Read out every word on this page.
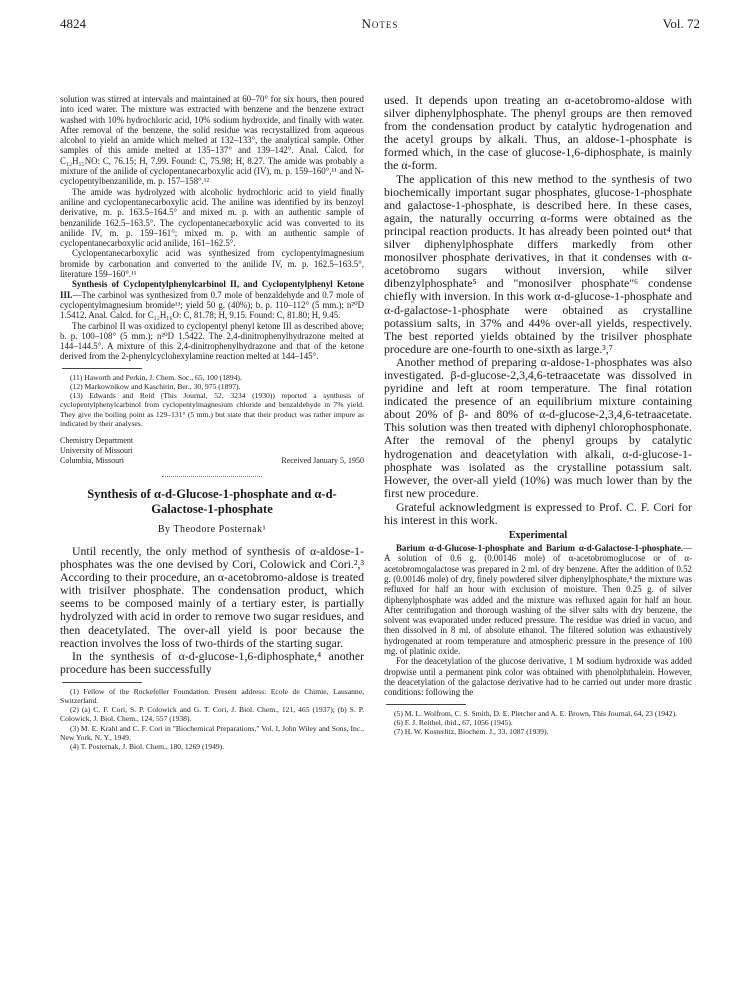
4824	Notes	Vol. 72

solution was stirred at intervals and maintained at 60–70° for six hours, then poured into iced water. The mixture was extracted with benzene and the benzene extract washed with 10% hydrochloric acid, 10% sodium hydroxide, and finally with water. After removal of the benzene, the solid residue was recrystallized from aqueous alcohol to yield an amide which melted at 132–133°, the analytical sample. Other samples of this amide melted at 135–137° and 139–142°. Anal. Calcd. for C₁₂H₁₅NO: C, 76.15; H, 7.99. Found: C, 75.98; H, 8.27. The amide was probably a mixture of the anilide of cyclopentanecarboxylic acid (IV), m. p. 159–160°,¹¹ and N-cyclopentylbenzanilide, m. p. 157–158°.¹²

The amide was hydrolyzed with alcoholic hydrochloric acid to yield finally aniline and cyclopentanecarboxylic acid. The aniline was identified by its benzoyl derivative, m. p. 163.5–164.5° and mixed m. p. with an authentic sample of benzanilide 162.5–163.5°. The cyclopentanecarboxylic acid was converted to its anilide IV, m. p. 159–161°; mixed m. p. with an authentic sample of cyclopentanecarboxylic acid anilide, 161–162.5°.

Cyclopentanecarboxylic acid was synthesized from cyclopentylmagnesium bromide by carbonation and converted to the anilide IV, m. p. 162.5–163.5°, literature 159–160°.¹¹

Synthesis of Cyclopentylphenylcarbinol II, and Cyclopentylphenyl Ketone III.—The carbinol was synthesized from 0.7 mole of benzaldehyde and 0.7 mole of cyclopentylmagnesium bromide¹³; yield 50 g. (40%); b. p. 110–112° (5 mm.); n²⁰D 1.5412. Anal. Calcd. for C₁₂H₁₆O: C, 81.78; H, 9.15. Found: C, 81.80; H, 9.45.

The carbinol II was oxidized to cyclopentyl phenyl ketone III as described above; b. p. 100–108° (5 mm.); n²⁰D 1.5422. The 2,4-dinitrophenylhydrazone melted at 144–144.5°. A mixture of this 2,4-dinitrophenylhydrazone and that of the ketone derived from the 2-phenylcyclohexylamine reaction melted at 144–145°.

(11) Haworth and Perkin, J. Chem. Soc., 65, 100 (1894).

(12) Markownikow and Kaschirin, Ber., 30, 975 (1897).

(13) Edwards and Reid (This Journal, 52, 3234 (1930)) reported a synthesis of cyclopentylphenylcarbinol from cyclopentylmagnesium chloride and benzaldehyde in 7% yield. They give the boiling point as 129–131° (5 mm.) but state that their product was rather impure as indicated by their analyses.

Chemistry Department
University of Missouri
Columbia, Missouri	Received January 5, 1950
Synthesis of α-d-Glucose-1-phosphate and α-d-Galactose-1-phosphate
By Theodore Posternak¹

Until recently, the only method of synthesis of α-aldose-1-phosphates was the one devised by Cori, Colowick and Cori.²,³ According to their procedure, an α-acetobromo-aldose is treated with trisilver phosphate. The condensation product, which seems to be composed mainly of a tertiary ester, is partially hydrolyzed with acid in order to remove two sugar residues, and then deacetylated. The over-all yield is poor because the reaction involves the loss of two-thirds of the starting sugar.

In the synthesis of α-d-glucose-1,6-diphosphate,⁴ another procedure has been successfully

(1) Fellow of the Rockefeller Foundation. Present address: Ecole de Chimie, Lausanne, Switzerland.

(2) (a) C. F. Cori, S. P. Colowick and G. T. Cori, J. Biol. Chem., 121, 465 (1937); (b) S. P. Colowick, J. Biol. Chem., 124, 557 (1938).

(3) M. E. Krahl and C. F. Cori in "Biochemical Preparations," Vol. I, John Wiley and Sons, Inc., New York, N. Y., 1949.

(4) T. Posternak, J. Biol. Chem., 180, 1269 (1949).

used. It depends upon treating an α-acetobromo-aldose with silver diphenylphosphate. The phenyl groups are then removed from the condensation product by catalytic hydrogenation and the acetyl groups by alkali. Thus, an aldose-1-phosphate is formed which, in the case of glucose-1,6-diphosphate, is mainly the α-form.

The application of this new method to the synthesis of two biochemically important sugar phosphates, glucose-1-phosphate and galactose-1-phosphate, is described here. In these cases, again, the naturally occurring α-forms were obtained as the principal reaction products. It has already been pointed out⁴ that silver diphenylphosphate differs markedly from other monosilver phosphate derivatives, in that it condenses with α-acetobromo sugars without inversion, while silver dibenzylphosphate⁵ and "monosilver phosphate"⁶ condense chiefly with inversion. In this work α-d-glucose-1-phosphate and α-d-galactose-1-phosphate were obtained as crystalline potassium salts, in 37% and 44% over-all yields, respectively. The best reported yields obtained by the trisilver phosphate procedure are one-fourth to one-sixth as large.³,⁷

Another method of preparing α-aldose-1-phosphates was also investigated. β-d-glucose-2,3,4,6-tetraacetate was dissolved in pyridine and left at room temperature. The final rotation indicated the presence of an equilibrium mixture containing about 20% of β- and 80% of α-d-glucose-2,3,4,6-tetraacetate. This solution was then treated with diphenyl chlorophosphonate. After the removal of the phenyl groups by catalytic hydrogenation and deacetylation with alkali, α-d-glucose-1-phosphate was isolated as the crystalline potassium salt. However, the over-all yield (10%) was much lower than by the first new procedure.

Grateful acknowledgment is expressed to Prof. C. F. Cori for his interest in this work.

Experimental

Barium α-d-Glucose-1-phosphate and Barium α-d-Galactose-1-phosphate.—A solution of 0.6 g. (0.00146 mole) of α-acetobromoglucose or of α-acetobromogalactose was prepared in 2 ml. of dry benzene. After the addition of 0.52 g. (0.00146 mole) of dry, finely powdered silver diphenylphosphate,⁴ the mixture was refluxed for half an hour with exclusion of moisture. Then 0.25 g. of silver diphenylphosphate was added and the mixture was refluxed again for half an hour. After centrifugation and thorough washing of the silver salts with dry benzene, the solvent was evaporated under reduced pressure. The residue was dried in vacuo, and then dissolved in 8 ml. of absolute ethanol. The filtered solution was exhaustively hydrogenated at room temperature and atmospheric pressure in the presence of 100 mg. of platinic oxide.

For the deacetylation of the glucose derivative, 1 M sodium hydroxide was added dropwise until a permanent pink color was obtained with phenolphthalein. However, the deacetylation of the galactose derivative had to be carried out under more drastic conditions: following the

(5) M. L. Wolfrom, C. S. Smith, D. E. Pletcher and A. E. Brown, This Journal, 64, 23 (1942).

(6) F. J. Reithel, ibid., 67, 1056 (1945).

(7) H. W. Kosterlitz, Biochem. J., 33, 1087 (1939).
